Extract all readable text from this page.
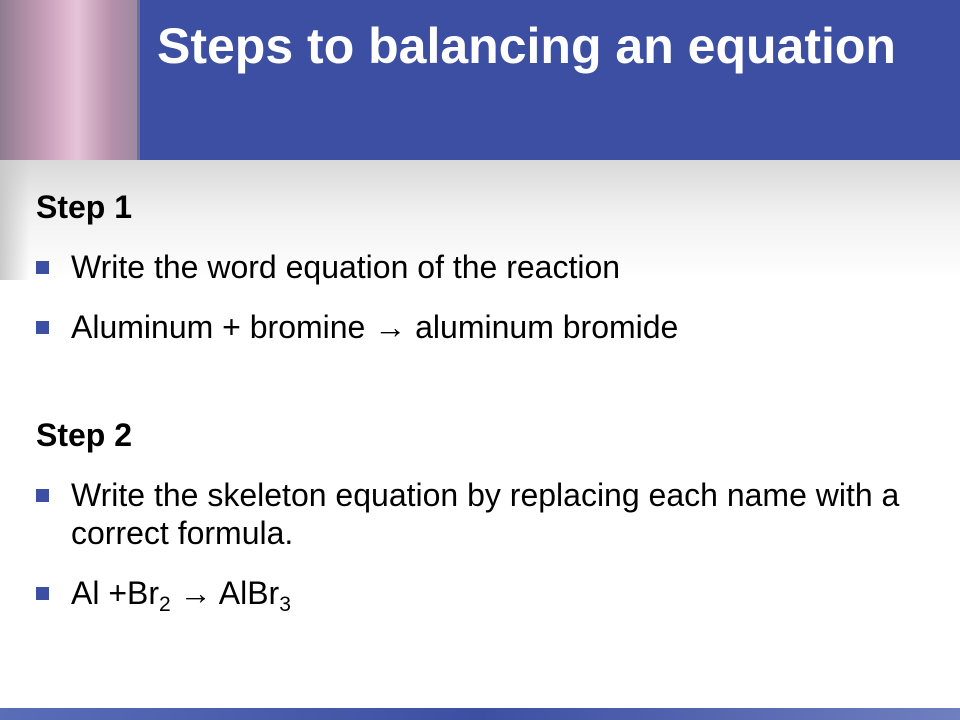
Steps to balancing an equation

Step 1

Write the word equation of the reaction
Aluminum + bromine → aluminum bromide

Step 2

Write the skeleton equation by replacing each name with a correct formula.
$Al +Br_2$ → AlBr$_3$
